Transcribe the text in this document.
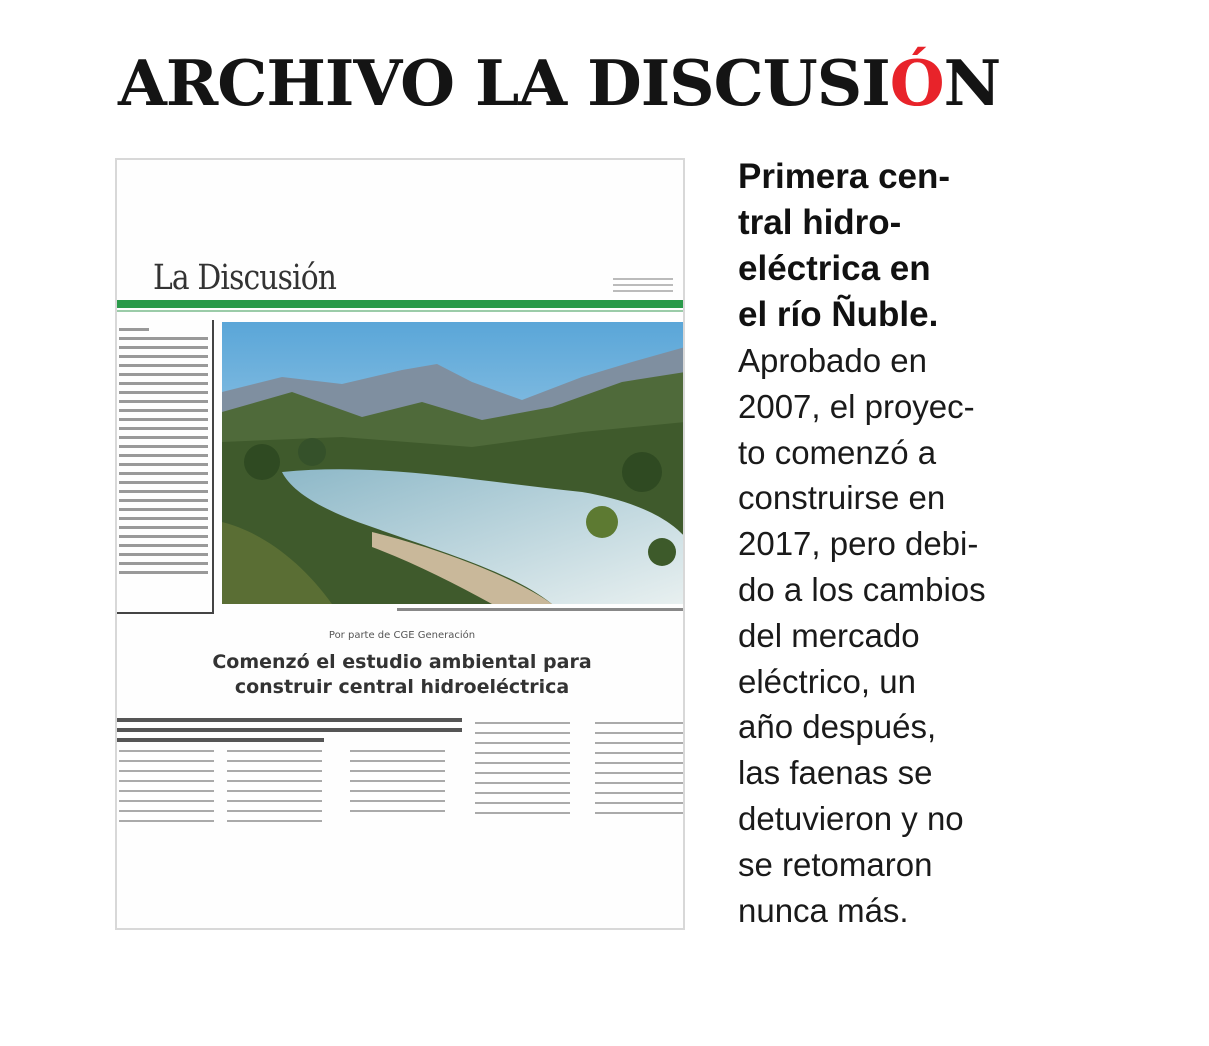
ARCHIVO LA DISCUSIÓN
La Discusión
Por parte de CGE Generación
Comenzó el estudio ambiental para
construir central hidroeléctrica
Primera cen-
tral hidro-
eléctrica en
el río Ñuble.

Aprobado en
2007, el proyec-
to comenzó a
construirse en
2017, pero debi-
do a los cambios
del mercado
eléctrico, un
año después,
las faenas se
detuvieron y no
se retomaron
nunca más.
